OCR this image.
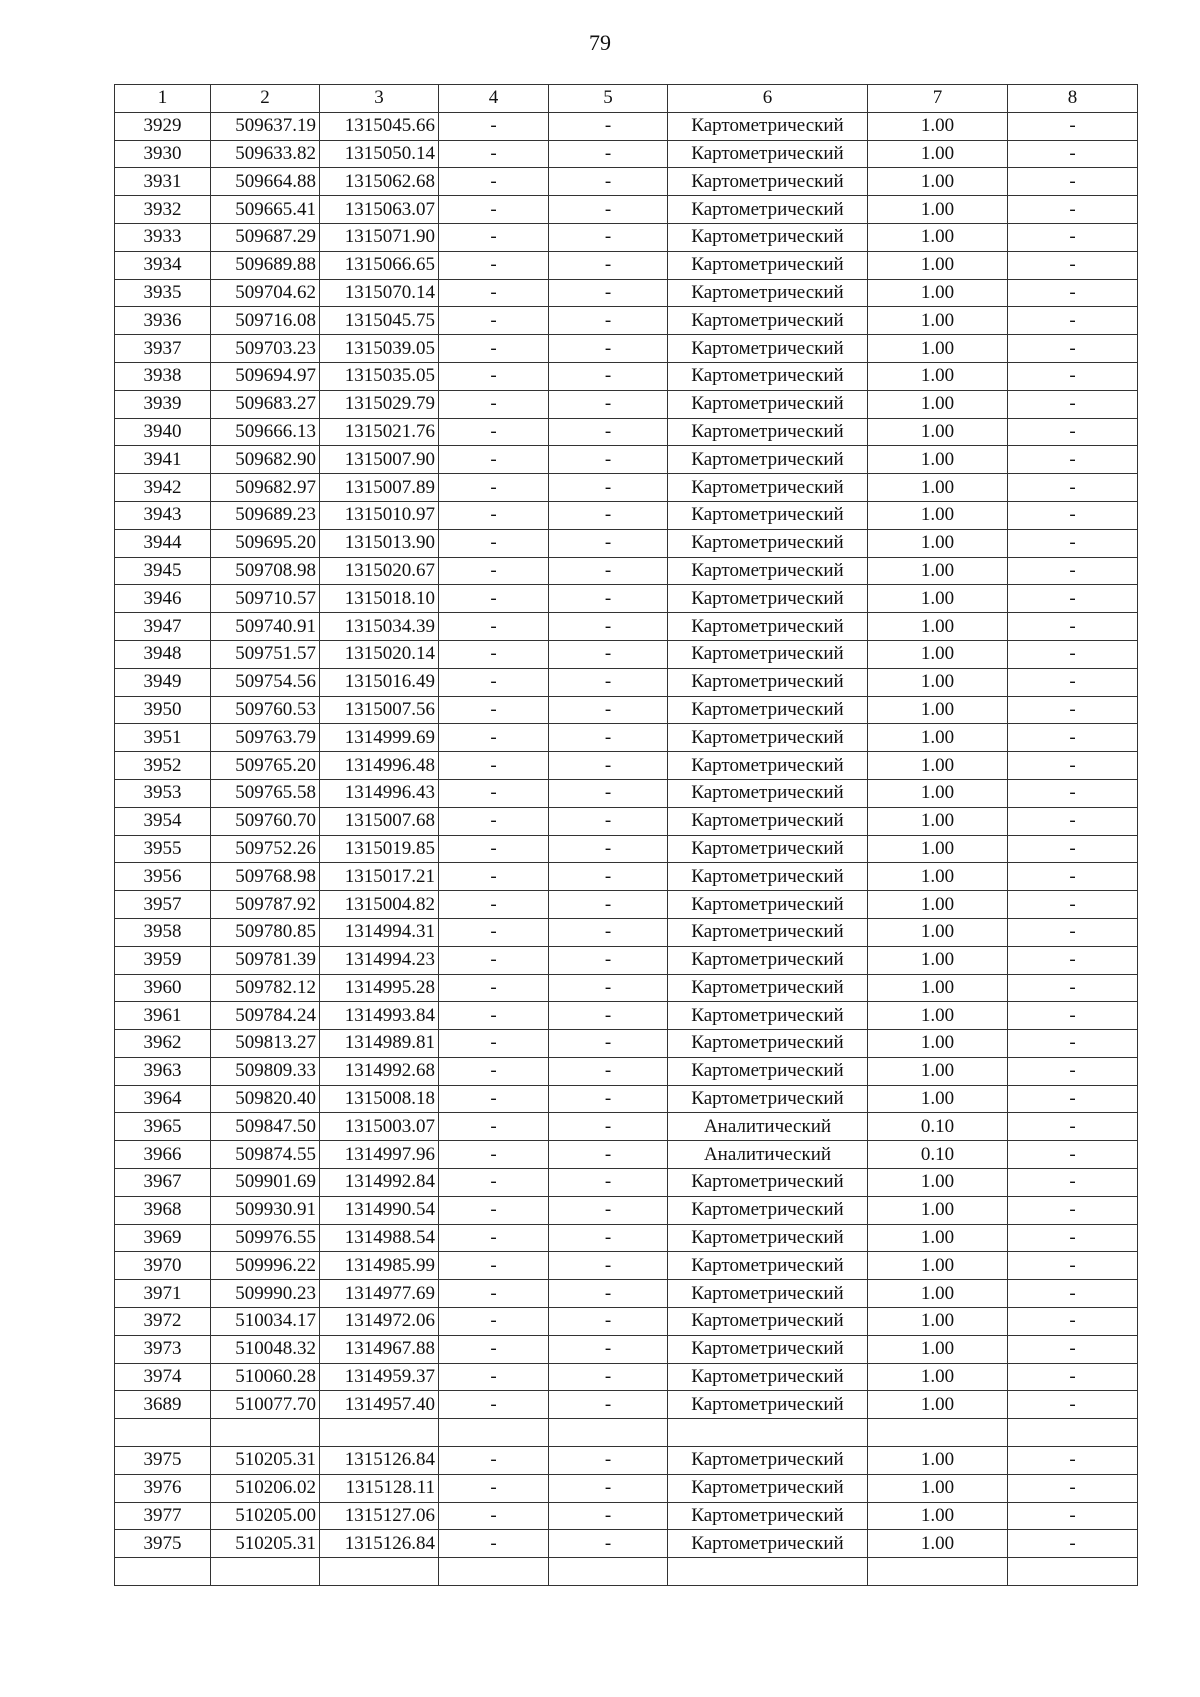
79
1	2	3	4	5	6	7	8
3929	509637.19	1315045.66	-	-	Картометрический	1.00	-
3930	509633.82	1315050.14	-	-	Картометрический	1.00	-
3931	509664.88	1315062.68	-	-	Картометрический	1.00	-
3932	509665.41	1315063.07	-	-	Картометрический	1.00	-
3933	509687.29	1315071.90	-	-	Картометрический	1.00	-
3934	509689.88	1315066.65	-	-	Картометрический	1.00	-
3935	509704.62	1315070.14	-	-	Картометрический	1.00	-
3936	509716.08	1315045.75	-	-	Картометрический	1.00	-
3937	509703.23	1315039.05	-	-	Картометрический	1.00	-
3938	509694.97	1315035.05	-	-	Картометрический	1.00	-
3939	509683.27	1315029.79	-	-	Картометрический	1.00	-
3940	509666.13	1315021.76	-	-	Картометрический	1.00	-
3941	509682.90	1315007.90	-	-	Картометрический	1.00	-
3942	509682.97	1315007.89	-	-	Картометрический	1.00	-
3943	509689.23	1315010.97	-	-	Картометрический	1.00	-
3944	509695.20	1315013.90	-	-	Картометрический	1.00	-
3945	509708.98	1315020.67	-	-	Картометрический	1.00	-
3946	509710.57	1315018.10	-	-	Картометрический	1.00	-
3947	509740.91	1315034.39	-	-	Картометрический	1.00	-
3948	509751.57	1315020.14	-	-	Картометрический	1.00	-
3949	509754.56	1315016.49	-	-	Картометрический	1.00	-
3950	509760.53	1315007.56	-	-	Картометрический	1.00	-
3951	509763.79	1314999.69	-	-	Картометрический	1.00	-
3952	509765.20	1314996.48	-	-	Картометрический	1.00	-
3953	509765.58	1314996.43	-	-	Картометрический	1.00	-
3954	509760.70	1315007.68	-	-	Картометрический	1.00	-
3955	509752.26	1315019.85	-	-	Картометрический	1.00	-
3956	509768.98	1315017.21	-	-	Картометрический	1.00	-
3957	509787.92	1315004.82	-	-	Картометрический	1.00	-
3958	509780.85	1314994.31	-	-	Картометрический	1.00	-
3959	509781.39	1314994.23	-	-	Картометрический	1.00	-
3960	509782.12	1314995.28	-	-	Картометрический	1.00	-
3961	509784.24	1314993.84	-	-	Картометрический	1.00	-
3962	509813.27	1314989.81	-	-	Картометрический	1.00	-
3963	509809.33	1314992.68	-	-	Картометрический	1.00	-
3964	509820.40	1315008.18	-	-	Картометрический	1.00	-
3965	509847.50	1315003.07	-	-	Аналитический	0.10	-
3966	509874.55	1314997.96	-	-	Аналитический	0.10	-
3967	509901.69	1314992.84	-	-	Картометрический	1.00	-
3968	509930.91	1314990.54	-	-	Картометрический	1.00	-
3969	509976.55	1314988.54	-	-	Картометрический	1.00	-
3970	509996.22	1314985.99	-	-	Картометрический	1.00	-
3971	509990.23	1314977.69	-	-	Картометрический	1.00	-
3972	510034.17	1314972.06	-	-	Картометрический	1.00	-
3973	510048.32	1314967.88	-	-	Картометрический	1.00	-
3974	510060.28	1314959.37	-	-	Картометрический	1.00	-
3689	510077.70	1314957.40	-	-	Картометрический	1.00	-

3975	510205.31	1315126.84	-	-	Картометрический	1.00	-
3976	510206.02	1315128.11	-	-	Картометрический	1.00	-
3977	510205.00	1315127.06	-	-	Картометрический	1.00	-
3975	510205.31	1315126.84	-	-	Картометрический	1.00	-
